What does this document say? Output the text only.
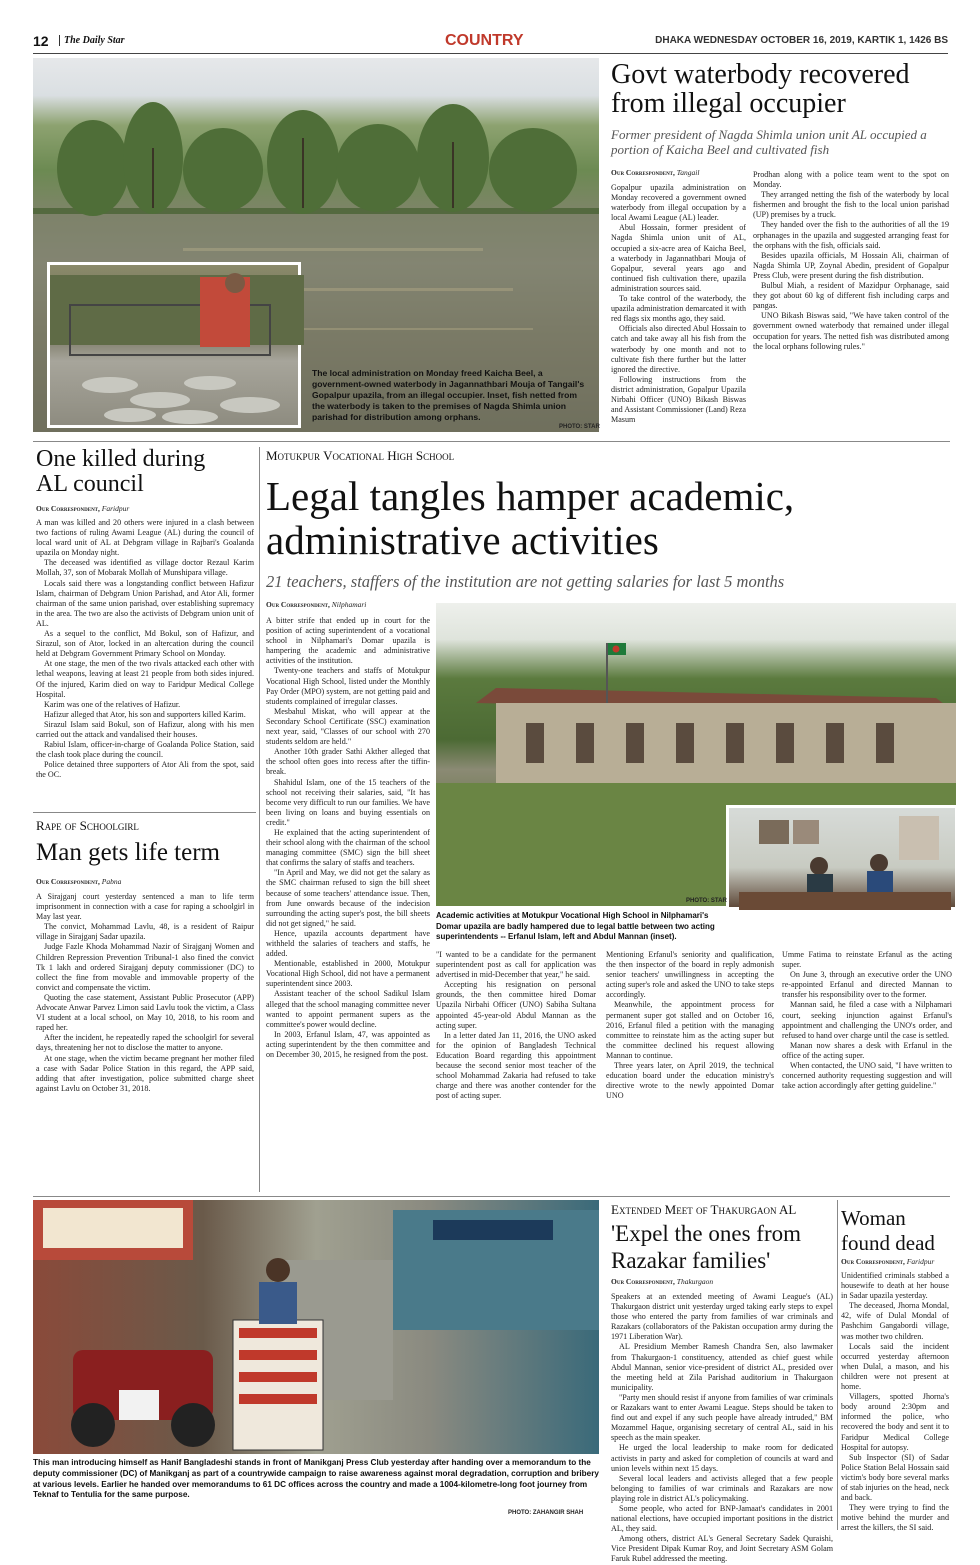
12	The Daily Star	COUNTRY	DHAKA WEDNESDAY OCTOBER 16, 2019, KARTIK 1, 1426 BS
The local administration on Monday freed Kaicha Beel, a government-owned waterbody in Jagannathbari Mouja of Tangail's Gopalpur upazila, from an illegal occupier. Inset, fish netted from the waterbody is taken to the premises of Nagda Shimla union parishad for distribution among orphans.
PHOTO: STAR
Govt waterbody recovered from illegal occupier
Former president of Nagda Shimla union unit AL occupied a portion of Kaicha Beel and cultivated fish
Our Correspondent, Tangail

Gopalpur upazila administration on Monday recovered a government owned waterbody from illegal occupation by a local Awami League (AL) leader.

Abul Hossain, former president of Nagda Shimla union unit of AL, occupied a six-acre area of Kaicha Beel, a waterbody in Jagannathbari Mouja of Gopalpur, several years ago and continued fish cultivation there, upazila administration sources said.

To take control of the waterbody, the upazila administration demarcated it with red flags six months ago, they said.

Officials also directed Abul Hossain to catch and take away all his fish from the waterbody by one month and not to cultivate fish there further but the latter ignored the directive.

Following instructions from the district administration, Gopalpur Upazila Nirbahi Officer (UNO) Bikash Biswas and Assistant Commissioner (Land) Reza Masum

Prodhan along with a police team went to the spot on Monday.

They arranged netting the fish of the waterbody by local fishermen and brought the fish to the local union parishad (UP) premises by a truck.

They handed over the fish to the authorities of all the 19 orphanages in the upazila and suggested arranging feast for the orphans with the fish, officials said.

Besides upazila officials, M Hossain Ali, chairman of Nagda Shimla UP, Zoynal Abedin, president of Gopalpur Press Club, were present during the fish distribution.

Bulbul Miah, a resident of Mazidpur Orphanage, said they got about 60 kg of different fish including carps and pangas.

UNO Bikash Biswas said, "We have taken control of the government owned waterbody that remained under illegal occupation for years. The netted fish was distributed among the local orphans following rules."

One killed during AL council
Our Correspondent, Faridpur

A man was killed and 20 others were injured in a clash between two factions of ruling Awami League (AL) during the council of local ward unit of AL at Debgram village in Rajbari's Goalanda upazila on Monday night.

The deceased was identified as village doctor Rezaul Karim Mollah, 37, son of Mobarak Mollah of Munshipara village.

Locals said there was a longstanding conflict between Hafizur Islam, chairman of Debgram Union Parishad, and Ator Ali, former chairman of the same union parishad, over establishing supremacy in the area. The two are also the activists of Debgram union unit of AL.

As a sequel to the conflict, Md Bokul, son of Hafizur, and Sirazul, son of Ator, locked in an altercation during the council held at Debgram Government Primary School on Monday.

At one stage, the men of the two rivals attacked each other with lethal weapons, leaving at least 21 people from both sides injured. Of the injured, Karim died on way to Faridpur Medical College Hospital.

Karim was one of the relatives of Hafizur.

Hafizur alleged that Ator, his son and supporters killed Karim.

Sirazul Islam said Bokul, son of Hafizur, along with his men carried out the attack and vandalised their houses.

Rabiul Islam, officer-in-charge of Goalanda Police Station, said the clash took place during the council.

Police detained three supporters of Ator Ali from the spot, said the OC.

Rape of Schoolgirl
Man gets life term
Our Correspondent, Pabna

A Sirajganj court yesterday sentenced a man to life term imprisonment in connection with a case for raping a schoolgirl in May last year.

The convict, Mohammad Lavlu, 48, is a resident of Raipur village in Sirajganj Sadar upazila.

Judge Fazle Khoda Mohammad Nazir of Sirajganj Women and Children Repression Prevention Tribunal-1 also fined the convict Tk 1 lakh and ordered Sirajganj deputy commissioner (DC) to collect the fine from movable and immovable property of the convict and compensate the victim.

Quoting the case statement, Assistant Public Prosecutor (APP) Advocate Anwar Parvez Limon said Lavlu took the victim, a Class VI student at a local school, on May 10, 2018, to his room and raped her.

After the incident, he repeatedly raped the schoolgirl for several days, threatening her not to disclose the matter to anyone.

At one stage, when the victim became pregnant her mother filed a case with Sadar Police Station in this regard, the APP said, adding that after investigation, police submitted charge sheet against Lavlu on October 31, 2018.

Motukpur Vocational High School
Legal tangles hamper academic, administrative activities
21 teachers, staffers of the institution are not getting salaries for last 5 months
Our Correspondent, Nilphamari

A bitter strife that ended up in court for the position of acting superintendent of a vocational school in Nilphamari's Domar upazila is hampering the academic and administrative activities of the institution.

Twenty-one teachers and staffs of Motukpur Vocational High School, listed under the Monthly Pay Order (MPO) system, are not getting paid and students complained of irregular classes.

Mesbahul Miskat, who will appear at the Secondary School Certificate (SSC) examination next year, said, "Classes of our school with 270 students seldom are held."

Another 10th grader Sathi Akther alleged that the school often goes into recess after the tiffin-break.

Shahidul Islam, one of the 15 teachers of the school not receiving their salaries, said, "It has become very difficult to run our families. We have been living on loans and buying essentials on credit."

He explained that the acting superintendent of their school along with the chairman of the school managing committee (SMC) sign the bill sheet that confirms the salary of staffs and teachers.

"In April and May, we did not get the salary as the SMC chairman refused to sign the bill sheet because of some teachers' attendance issue. Then, from June onwards because of the indecision surrounding the acting super's post, the bill sheets did not get signed," he said.

Hence, upazila accounts department have withheld the salaries of teachers and staffs, he added.

Mentionable, established in 2000, Motukpur Vocational High School, did not have a permanent superintendent since 2003.

Assistant teacher of the school Sadikul Islam alleged that the school managing committee never wanted to appoint permanent supers as the committee's power would decline.

In 2003, Erfanul Islam, 47, was appointed as acting superintendent by the then committee and on December 30, 2015, he resigned from the post.

PHOTO: STAR
Academic activities at Motukpur Vocational High School in Nilphamari's Domar upazila are badly hampered due to legal battle between two acting superintendents -- Erfanul Islam, left and Abdul Mannan (inset).

"I wanted to be a candidate for the permanent superintendent post as call for application was advertised in mid-December that year," he said.

Accepting his resignation on personal grounds, the then committee hired Domar Upazila Nirbahi Officer (UNO) Sabiha Sultana appointed 45-year-old Abdul Mannan as the acting super.

In a letter dated Jan 11, 2016, the UNO asked for the opinion of Bangladesh Technical Education Board regarding this appointment because the second senior most teacher of the school Mohammad Zakaria had refused to take charge and there was another contender for the post of acting super.

Mentioning Erfanul's seniority and qualification, the then inspector of the board in reply admonish senior teachers' unwillingness in accepting the acting super's role and asked the UNO to take steps accordingly.

Meanwhile, the appointment process for permanent super got stalled and on October 16, 2016, Erfanul filed a petition with the managing committee to reinstate him as the acting super but the committee declined his request allowing Mannan to continue.

Three years later, on April 2019, the technical education board under the education ministry's directive wrote to the newly appointed Domar UNO

Umme Fatima to reinstate Erfanul as the acting super.

On June 3, through an executive order the UNO re-appointed Erfanul and directed Mannan to transfer his responsibility over to the former.

Mannan said, he filed a case with a Nilphamari court, seeking injunction against Erfanul's appointment and challenging the UNO's order, and refused to hand over charge until the case is settled.

Manan now shares a desk with Erfanul in the office of the acting super.

When contacted, the UNO said, "I have written to concerned authority requesting suggestion and will take action accordingly after getting guideline."

This man introducing himself as Hanif Bangladeshi stands in front of Manikganj Press Club yesterday after handing over a memorandum to the deputy commissioner (DC) of Manikganj as part of a countrywide campaign to raise awareness against moral degradation, corruption and bribery at various levels. Earlier he handed over memorandums to 61 DC offices across the country and made a 1004-kilometre-long foot journey from Teknaf to Tentulia for the same purpose.
PHOTO: ZAHANGIR SHAH
Extended Meet of Thakurgaon AL
'Expel the ones from Razakar families'
Our Correspondent, Thakurgaon

Speakers at an extended meeting of Awami League's (AL) Thakurgaon district unit yesterday urged taking early steps to expel those who entered the party from families of war criminals and Razakars (collaborators of the Pakistan occupation army during the 1971 Liberation War).

AL Presidium Member Ramesh Chandra Sen, also lawmaker from Thakurgaon-1 constituency, attended as chief guest while Abdul Mannan, senior vice-president of district AL, presided over the meeting held at Zila Parishad auditorium in Thakurgaon municipality.

"Party men should resist if anyone from families of war criminals or Razakars want to enter Awami League. Steps should be taken to find out and expel if any such people have already intruded," BM Mozammel Haque, organising secretary of central AL, said in his speech as the main speaker.

He urged the local leadership to make room for dedicated activists in party and asked for completion of councils at ward and union levels within next 15 days.

Several local leaders and activists alleged that a few people belonging to families of war criminals and Razakars are now playing role in district AL's policymaking.

Some people, who acted for BNP-Jamaat's candidates in 2001 national elections, have occupied important positions in the district AL, they said.

Among others, district AL's General Secretary Sadek Quraishi, Vice President Dipak Kumar Roy, and Joint Secretary ASM Golam Faruk Rubel addressed the meeting.

Woman found dead
Our Correspondent, Faridpur

Unidentified criminals stabbed a housewife to death at her house in Sadar upazila yesterday.

The deceased, Jhorna Mondal, 42, wife of Dulal Mondal of Pashchim Gangabordi village, was mother two children.

Locals said the incident occurred yesterday afternoon when Dulal, a mason, and his children were not present at home.

Villagers, spotted Jhorna's body around 2:30pm and informed the police, who recovered the body and sent it to Faridpur Medical College Hospital for autopsy.

Sub Inspector (SI) of Sadar Police Station Belal Hossain said victim's body bore several marks of stab injuries on the head, neck and back.

They were trying to find the motive behind the murder and arrest the killers, the SI said.
